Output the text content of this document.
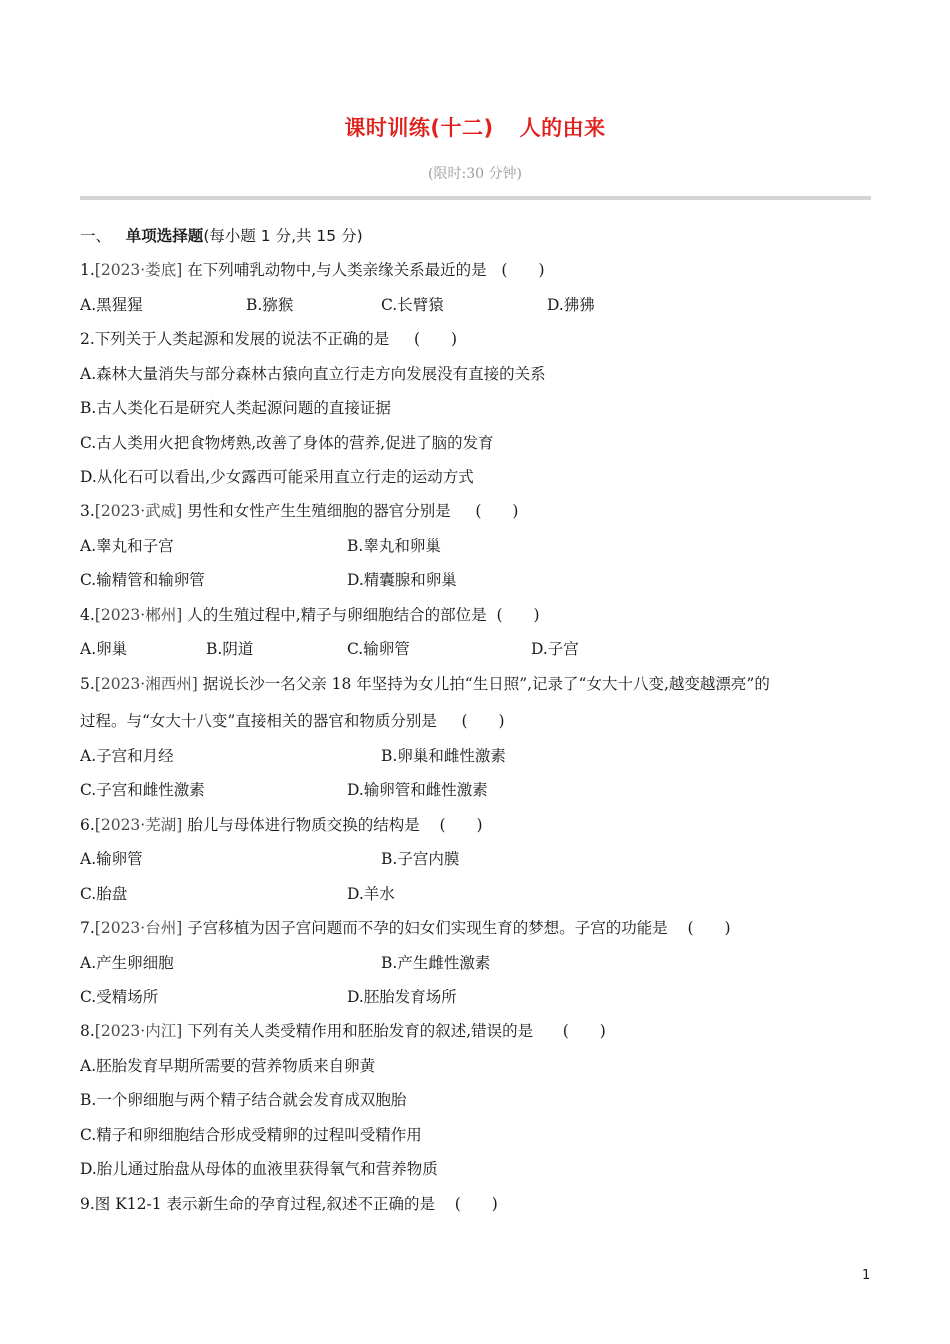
课时训练(十二) 人的由来
(限时:30 分钟)
一、 单项选择题(每小题 1 分,共 15 分)
1.[2023·娄底] 在下列哺乳动物中,与人类亲缘关系最近的是 (　　)
A.黑猩猩	B.猕猴	C.长臂猿	D.狒狒
2.下列关于人类起源和发展的说法不正确的是 (　　)
A.森林大量消失与部分森林古猿向直立行走方向发展没有直接的关系
B.古人类化石是研究人类起源问题的直接证据
C.古人类用火把食物烤熟,改善了身体的营养,促进了脑的发育
D.从化石可以看出,少女露西可能采用直立行走的运动方式
3.[2023·武威] 男性和女性产生生殖细胞的器官分别是 (　　)
A.睾丸和子宫	B.睾丸和卵巢
C.输精管和输卵管	D.精囊腺和卵巢
4.[2023·郴州] 人的生殖过程中,精子与卵细胞结合的部位是 (　　)
A.卵巢	B.阴道	C.输卵管	D.子宫
5.[2023·湘西州] 据说长沙一名父亲 18 年坚持为女儿拍“生日照”,记录了“女大十八变,越变越漂亮”的
过程。与“女大十八变”直接相关的器官和物质分别是 (　　)
A.子宫和月经	B.卵巢和雌性激素
C.子宫和雌性激素	D.输卵管和雌性激素
6.[2023·芜湖] 胎儿与母体进行物质交换的结构是 (　　)
A.输卵管	B.子宫内膜
C.胎盘	D.羊水
7.[2023·台州] 子宫移植为因子宫问题而不孕的妇女们实现生育的梦想。子宫的功能是 (　　)
A.产生卵细胞	B.产生雌性激素
C.受精场所	D.胚胎发育场所
8.[2023·内江] 下列有关人类受精作用和胚胎发育的叙述,错误的是 (　　)
A.胚胎发育早期所需要的营养物质来自卵黄
B.一个卵细胞与两个精子结合就会发育成双胞胎
C.精子和卵细胞结合形成受精卵的过程叫受精作用
D.胎儿通过胎盘从母体的血液里获得氧气和营养物质
9.图 K12-1 表示新生命的孕育过程,叙述不正确的是 (　　)
1
